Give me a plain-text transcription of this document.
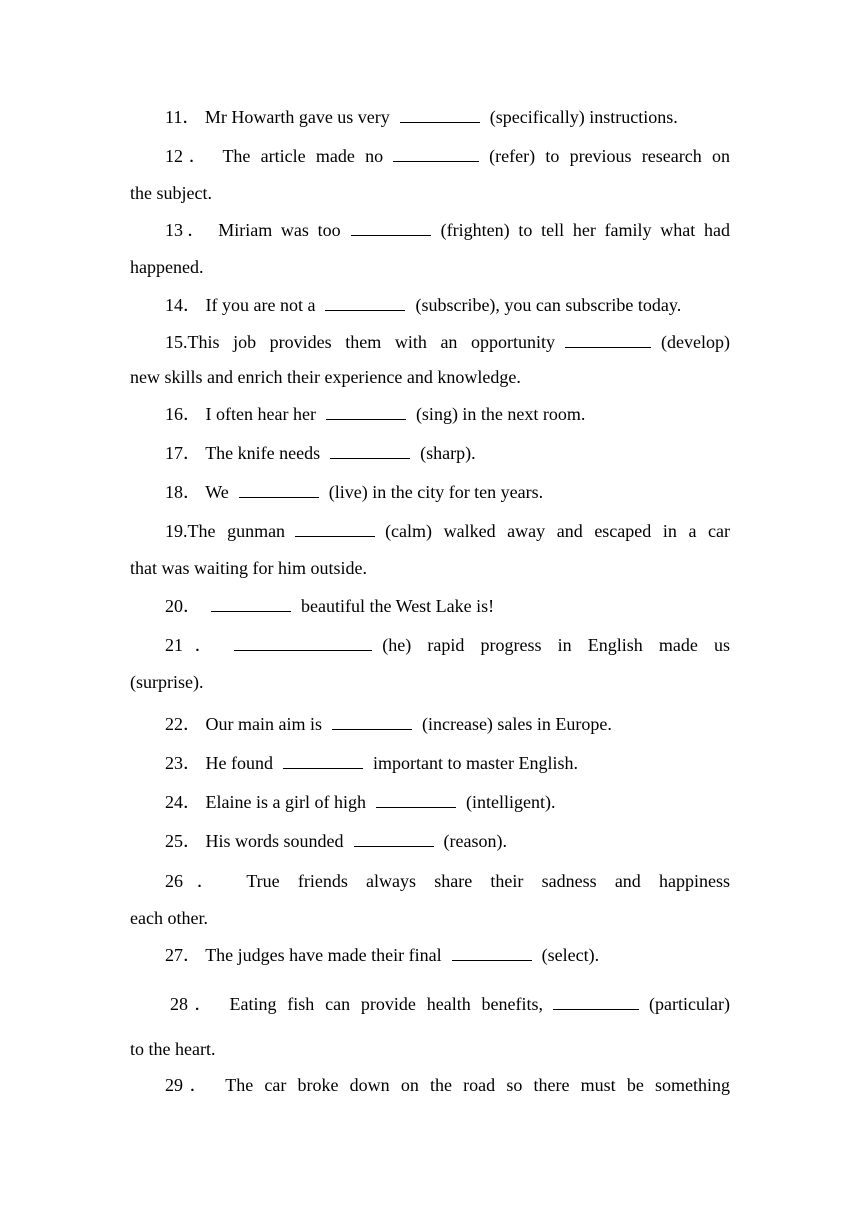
11． Mr Howarth gave us very	(specifically) instructions.
12． The article made no	(refer) to previous research on
the subject.
13． Miriam was too	(frighten) to tell her family what had
happened.
14． If you are not a	(subscribe), you can subscribe today.
15.This job provides them with an opportunity	(develop)
new skills and enrich their experience and knowledge.
16． I often hear her	(sing) in the next room.
17． The knife needs	(sharp).
18． We	(live) in the city for ten years.
19.The gunman	(calm) walked away and escaped in a car
that was waiting for him outside.
20．	beautiful the West Lake is!
21．	(he) rapid progress in English made us
(surprise).
22． Our main aim is	(increase) sales in Europe.
23． He found	important to master English.
24． Elaine is a girl of high	(intelligent).
25． His words sounded	(reason).
26． True friends always share their sadness and happiness
each other.
27． The judges have made their final	(select).
28． Eating fish can provide health benefits,	(particular)
to the heart.
29． The car broke down on the road so there must be something
